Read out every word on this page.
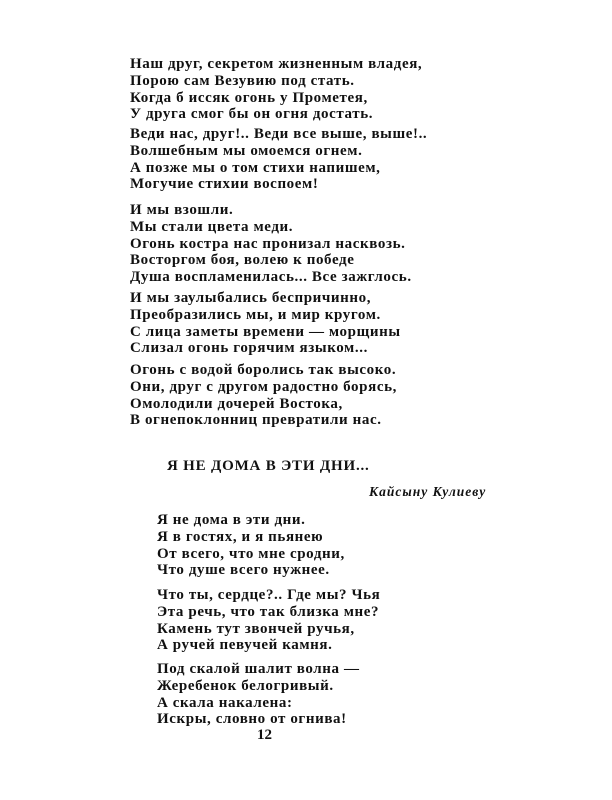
Наш друг, секретом жизненным владея,
Порою сам Везувию под стать.
Когда б иссяк огонь у Прометея,
У друга смог бы он огня достать.
Веди нас, друг!.. Веди все выше, выше!..
Волшебным мы омоемся огнем.
А позже мы о том стихи напишем,
Могучие стихии воспоем!
И мы взошли.
Мы стали цвета меди.
Огонь костра нас пронизал насквозь.
Восторгом боя, волею к победе
Душа воспламенилась... Все зажглось.
И мы заулыбались беспричинно,
Преобразились мы, и мир кругом.
С лица заметы времени — морщины
Слизал огонь горячим языком...
Огонь с водой боролись так высоко.
Они, друг с другом радостно борясь,
Омолодили дочерей Востока,
В огнепоклонниц превратили нас.
Я НЕ ДОМА В ЭТИ ДНИ...
Кайсыну Кулиеву
Я не дома в эти дни.
Я в гостях, и я пьянею
От всего, что мне сродни,
Что душе всего нужнее.
Что ты, сердце?.. Где мы? Чья
Эта речь, что так близка мне?
Камень тут звончей ручья,
А ручей певучей камня.
Под скалой шалит волна —
Жеребенок белогривый.
А скала накалена:
Искры, словно от огнива!
12
